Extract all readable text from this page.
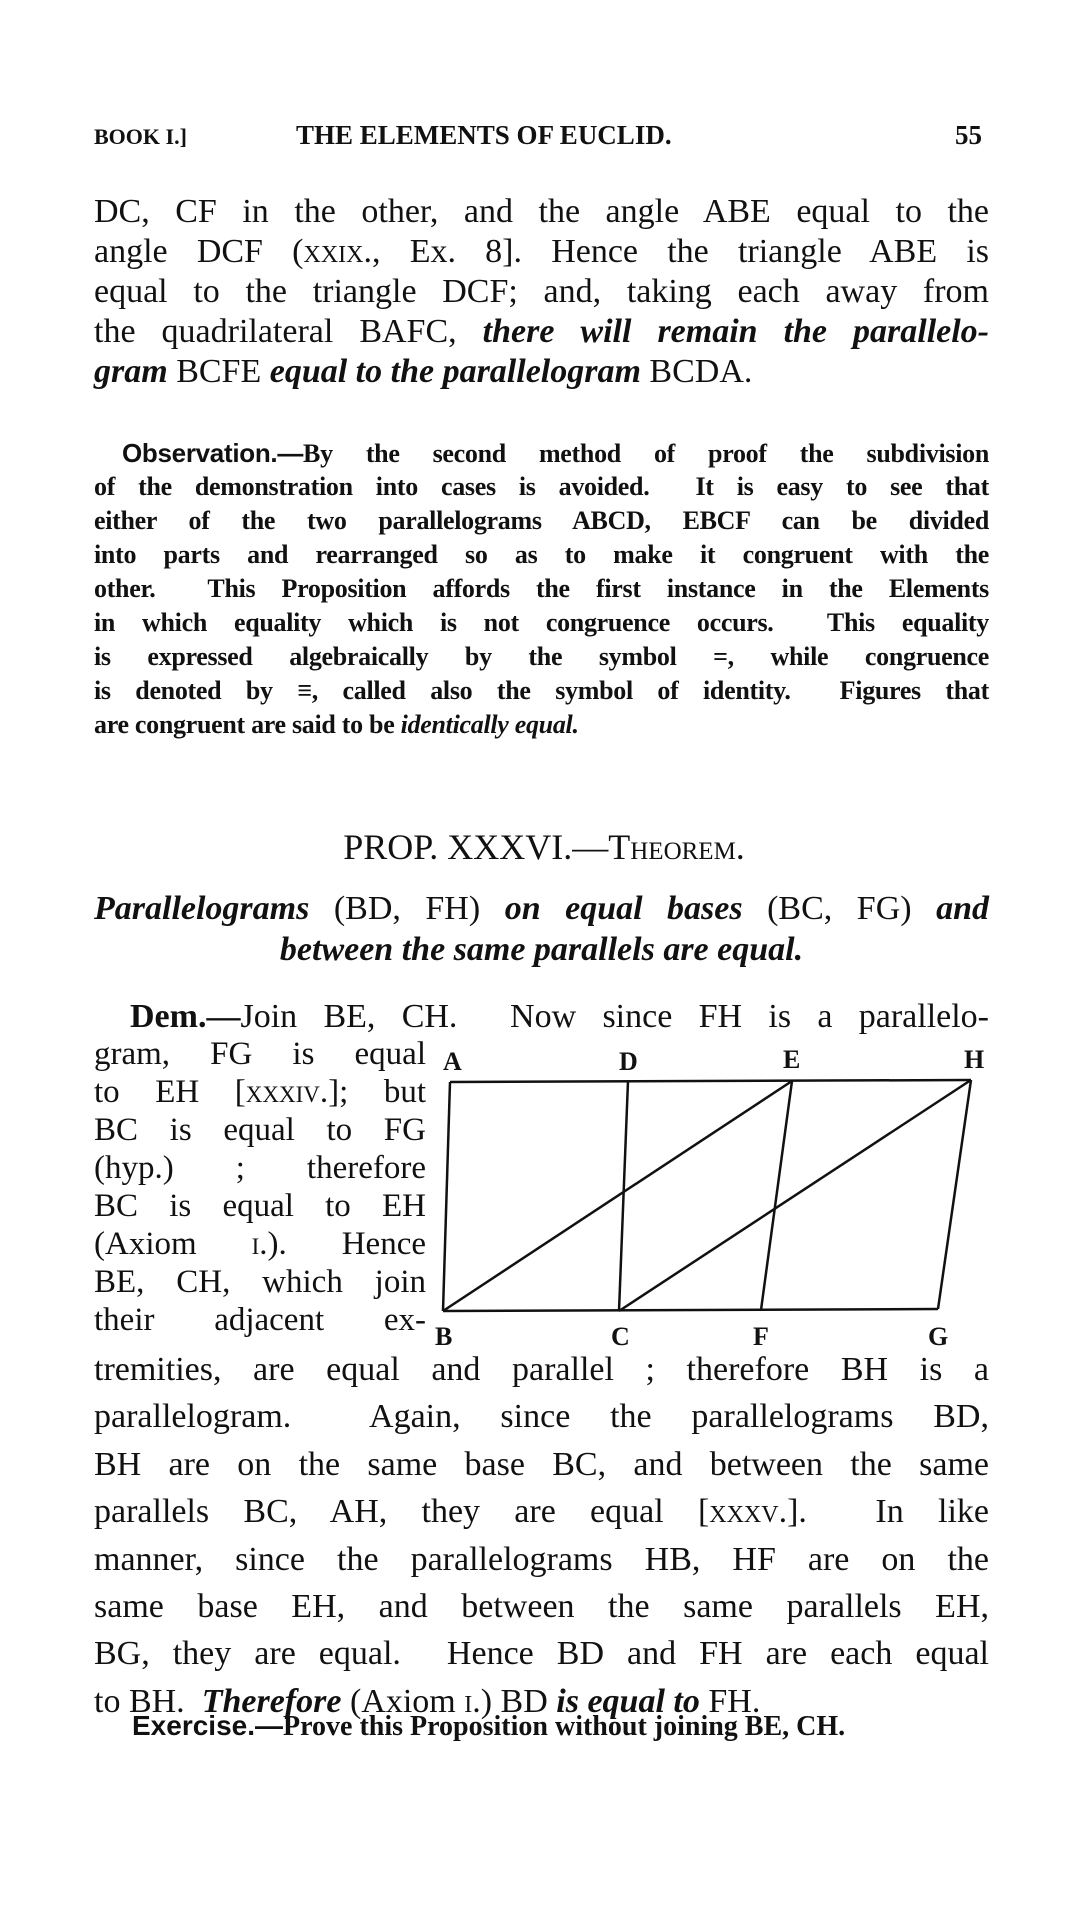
BOOK I.]	THE ELEMENTS OF EUCLID.	55
DC, CF in the other, and the angle ABE equal to the
angle DCF (xxix., Ex. 8]. Hence the triangle ABE is
equal to the triangle DCF; and, taking each away from
the quadrilateral BAFC, there will remain the parallelo-
gram BCFE equal to the parallelogram BCDA.
Observation.—By the second method of proof the subdivision
of the demonstration into cases is avoided.  It is easy to see that
either of the two parallelograms ABCD, EBCF can be divided
into parts and rearranged so as to make it congruent with the
other.  This Proposition affords the first instance in the Elements
in which equality which is not congruence occurs.  This equality
is expressed algebraically by the symbol =, while congruence
is denoted by ≡, called also the symbol of identity.  Figures that
are congruent are said to be identically equal.
PROP. XXXVI.—Theorem.
Parallelograms (BD, FH) on equal bases (BC, FG) and
between the same parallels are equal.
Dem.—Join BE, CH.  Now since FH is a parallelo-
gram, FG is equal
to EH [xxxiv.]; but
BC is equal to FG
(hyp.) ; therefore
BC is equal to EH
(Axiom i.). Hence
BE, CH, which join
their adjacent ex-
tremities, are equal and parallel ; therefore BH is a
parallelogram.  Again, since the parallelograms BD,
BH are on the same base BC, and between the same
parallels BC, AH, they are equal [xxxv.].  In like
manner, since the parallelograms HB, HF are on the
same base EH, and between the same parallels EH,
BG, they are equal.  Hence BD and FH are each equal
to BH.  Therefore (Axiom i.) BD is equal to FH.
A	D	E	H
B	C	F	G
Exercise.—Prove this Proposition without joining BE, CH.
